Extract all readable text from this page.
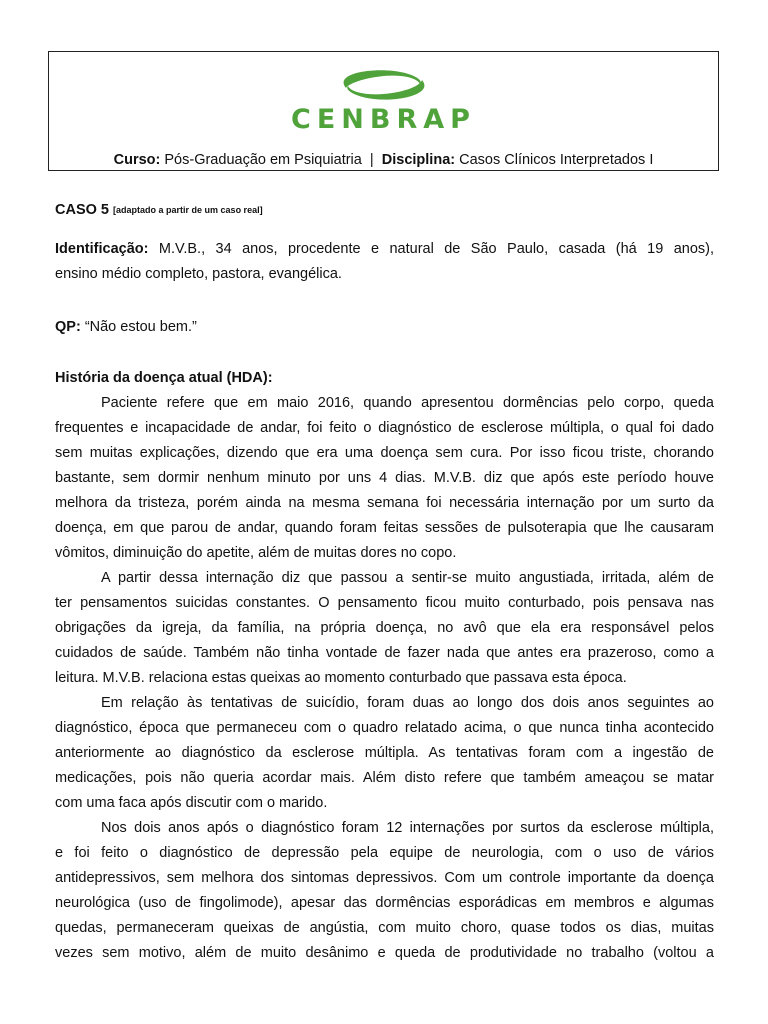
CENBRAP
Curso: Pós-Graduação em Psiquiatria | Disciplina: Casos Clínicos Interpretados I
CASO 5 [adaptado a partir de um caso real]

Identificação: M.V.B., 34 anos, procedente e natural de São Paulo, casada (há 19 anos),

ensino médio completo, pastora, evangélica.

QP: “Não estou bem.”

História da doença atual (HDA):

Paciente refere que em maio 2016, quando apresentou dormências pelo corpo, queda

frequentes e incapacidade de andar, foi feito o diagnóstico de esclerose múltipla, o qual foi dado

sem muitas explicações, dizendo que era uma doença sem cura. Por isso ficou triste, chorando

bastante, sem dormir nenhum minuto por uns 4 dias. M.V.B. diz que após este período houve

melhora da tristeza, porém ainda na mesma semana foi necessária internação por um surto da

doença, em que parou de andar, quando foram feitas sessões de pulsoterapia que lhe causaram

vômitos, diminuição do apetite, além de muitas dores no copo.

A partir dessa internação diz que passou a sentir-se muito angustiada, irritada, além de

ter pensamentos suicidas constantes. O pensamento ficou muito conturbado, pois pensava nas

obrigações da igreja, da família, na própria doença, no avô que ela era responsável pelos

cuidados de saúde. Também não tinha vontade de fazer nada que antes era prazeroso, como a

leitura. M.V.B. relaciona estas queixas ao momento conturbado que passava esta época.

Em relação às tentativas de suicídio, foram duas ao longo dos dois anos seguintes ao

diagnóstico, época que permaneceu com o quadro relatado acima, o que nunca tinha acontecido

anteriormente ao diagnóstico da esclerose múltipla. As tentativas foram com a ingestão de

medicações, pois não queria acordar mais. Além disto refere que também ameaçou se matar

com uma faca após discutir com o marido.

Nos dois anos após o diagnóstico foram 12 internações por surtos da esclerose múltipla,

e foi feito o diagnóstico de depressão pela equipe de neurologia, com o uso de vários

antidepressivos, sem melhora dos sintomas depressivos. Com um controle importante da doença

neurológica (uso de fingolimode), apesar das dormências esporádicas em membros e algumas

quedas, permaneceram queixas de angústia, com muito choro, quase todos os dias, muitas

vezes sem motivo, além de muito desânimo e queda de produtividade no trabalho (voltou a
